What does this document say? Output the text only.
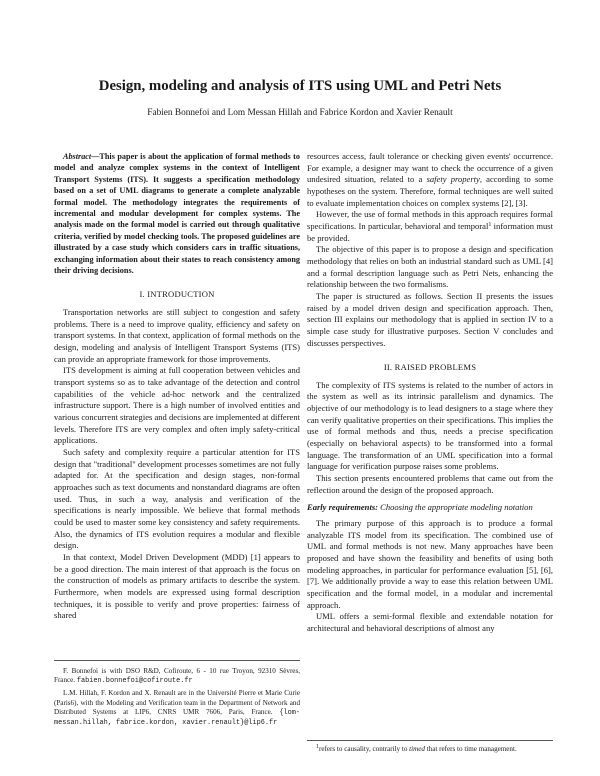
Design, modeling and analysis of ITS using UML and Petri Nets
Fabien Bonnefoi and Lom Messan Hillah and Fabrice Kordon and Xavier Renault

Abstract—This paper is about the application of formal methods to model and analyze complex systems in the context of Intelligent Transport Systems (ITS). It suggests a specification methodology based on a set of UML diagrams to generate a complete analyzable formal model. The methodology integrates the requirements of incremental and modular development for complex systems. The analysis made on the formal model is carried out through qualitative criteria, verified by model checking tools. The proposed guidelines are illustrated by a case study which considers cars in traffic situations, exchanging information about their states to reach consistency among their driving decisions.

I. INTRODUCTION

Transportation networks are still subject to congestion and safety problems. There is a need to improve quality, efficiency and safety on transport systems. In that context, application of formal methods on the design, modeling and analysis of Intelligent Transport Systems (ITS) can provide an appropriate framework for those improvements.

ITS development is aiming at full cooperation between vehicles and transport systems so as to take advantage of the detection and control capabilities of the vehicle ad-hoc network and the centralized infrastructure support. There is a high number of involved entities and various concurrent strategies and decisions are implemented at different levels. Therefore ITS are very complex and often imply safety-critical applications.

Such safety and complexity require a particular attention for ITS design that "traditional" development processes sometimes are not fully adapted for. At the specification and design stages, non-formal approaches such as text documents and nonstandard diagrams are often used. Thus, in such a way, analysis and verification of the specifications is nearly impossible. We believe that formal methods could be used to master some key consistency and safety requirements. Also, the dynamics of ITS evolution requires a modular and flexible design.

In that context, Model Driven Development (MDD) [1] appears to be a good direction. The main interest of that approach is the focus on the construction of models as primary artifacts to describe the system. Furthermore, when models are expressed using formal description techniques, it is possible to verify and prove properties: fairness of shared

F. Bonnefoi is with DSO R&D, Cofiroute, 6 - 10 rue Troyon, 92310 Sèvres, France. fabien.bonnefoi@cofiroute.fr

L.M. Hillah, F. Kordon and X. Renault are in the Université Pierre et Marie Curie (Paris6), with the Modeling and Verification team in the Department of Network and Distributed Systems at LIP6, CNRS UMR 7606, Paris, France. {lom-messan.hillah, fabrice.kordon, xavier.renault}@lip6.fr

resources access, fault tolerance or checking given events' occurrence. For example, a designer may want to check the occurrence of a given undesired situation, related to a safety property, according to some hypotheses on the system. Therefore, formal techniques are well suited to evaluate implementation choices on complex systems [2], [3].

However, the use of formal methods in this approach requires formal specifications. In particular, behavioral and temporal$^1$ information must be provided.

The objective of this paper is to propose a design and specification methodology that relies on both an industrial standard such as UML [4] and a formal description language such as Petri Nets, enhancing the relationship between the two formalisms.

The paper is structured as follows. Section II presents the issues raised by a model driven design and specification approach. Then, section III explains our methodology that is applied in section IV to a simple case study for illustrative purposes. Section V concludes and discusses perspectives.

II. RAISED PROBLEMS

The complexity of ITS systems is related to the number of actors in the system as well as its intrinsic parallelism and dynamics. The objective of our methodology is to lead designers to a stage where they can verify qualitative properties on their specifications. This implies the use of formal methods and thus, needs a precise specification (especially on behavioral aspects) to be transformed into a formal language. The transformation of an UML specification into a formal language for verification purpose raises some problems.

This section presents encountered problems that came out from the reflection around the design of the proposed approach.

Early requirements: Choosing the appropriate modeling notation

The primary purpose of this approach is to produce a formal analyzable ITS model from its specification. The combined use of UML and formal methods is not new. Many approaches have been proposed and have shown the feasibility and benefits of using both modeling approaches, in particular for performance evaluation [5], [6], [7]. We additionally provide a way to ease this relation between UML specification and the formal model, in a modular and incremental approach.

UML offers a semi-formal flexible and extendable notation for architectural and behavioral descriptions of almost any

$^1$refers to causality, contrarily to timed that refers to time management.
